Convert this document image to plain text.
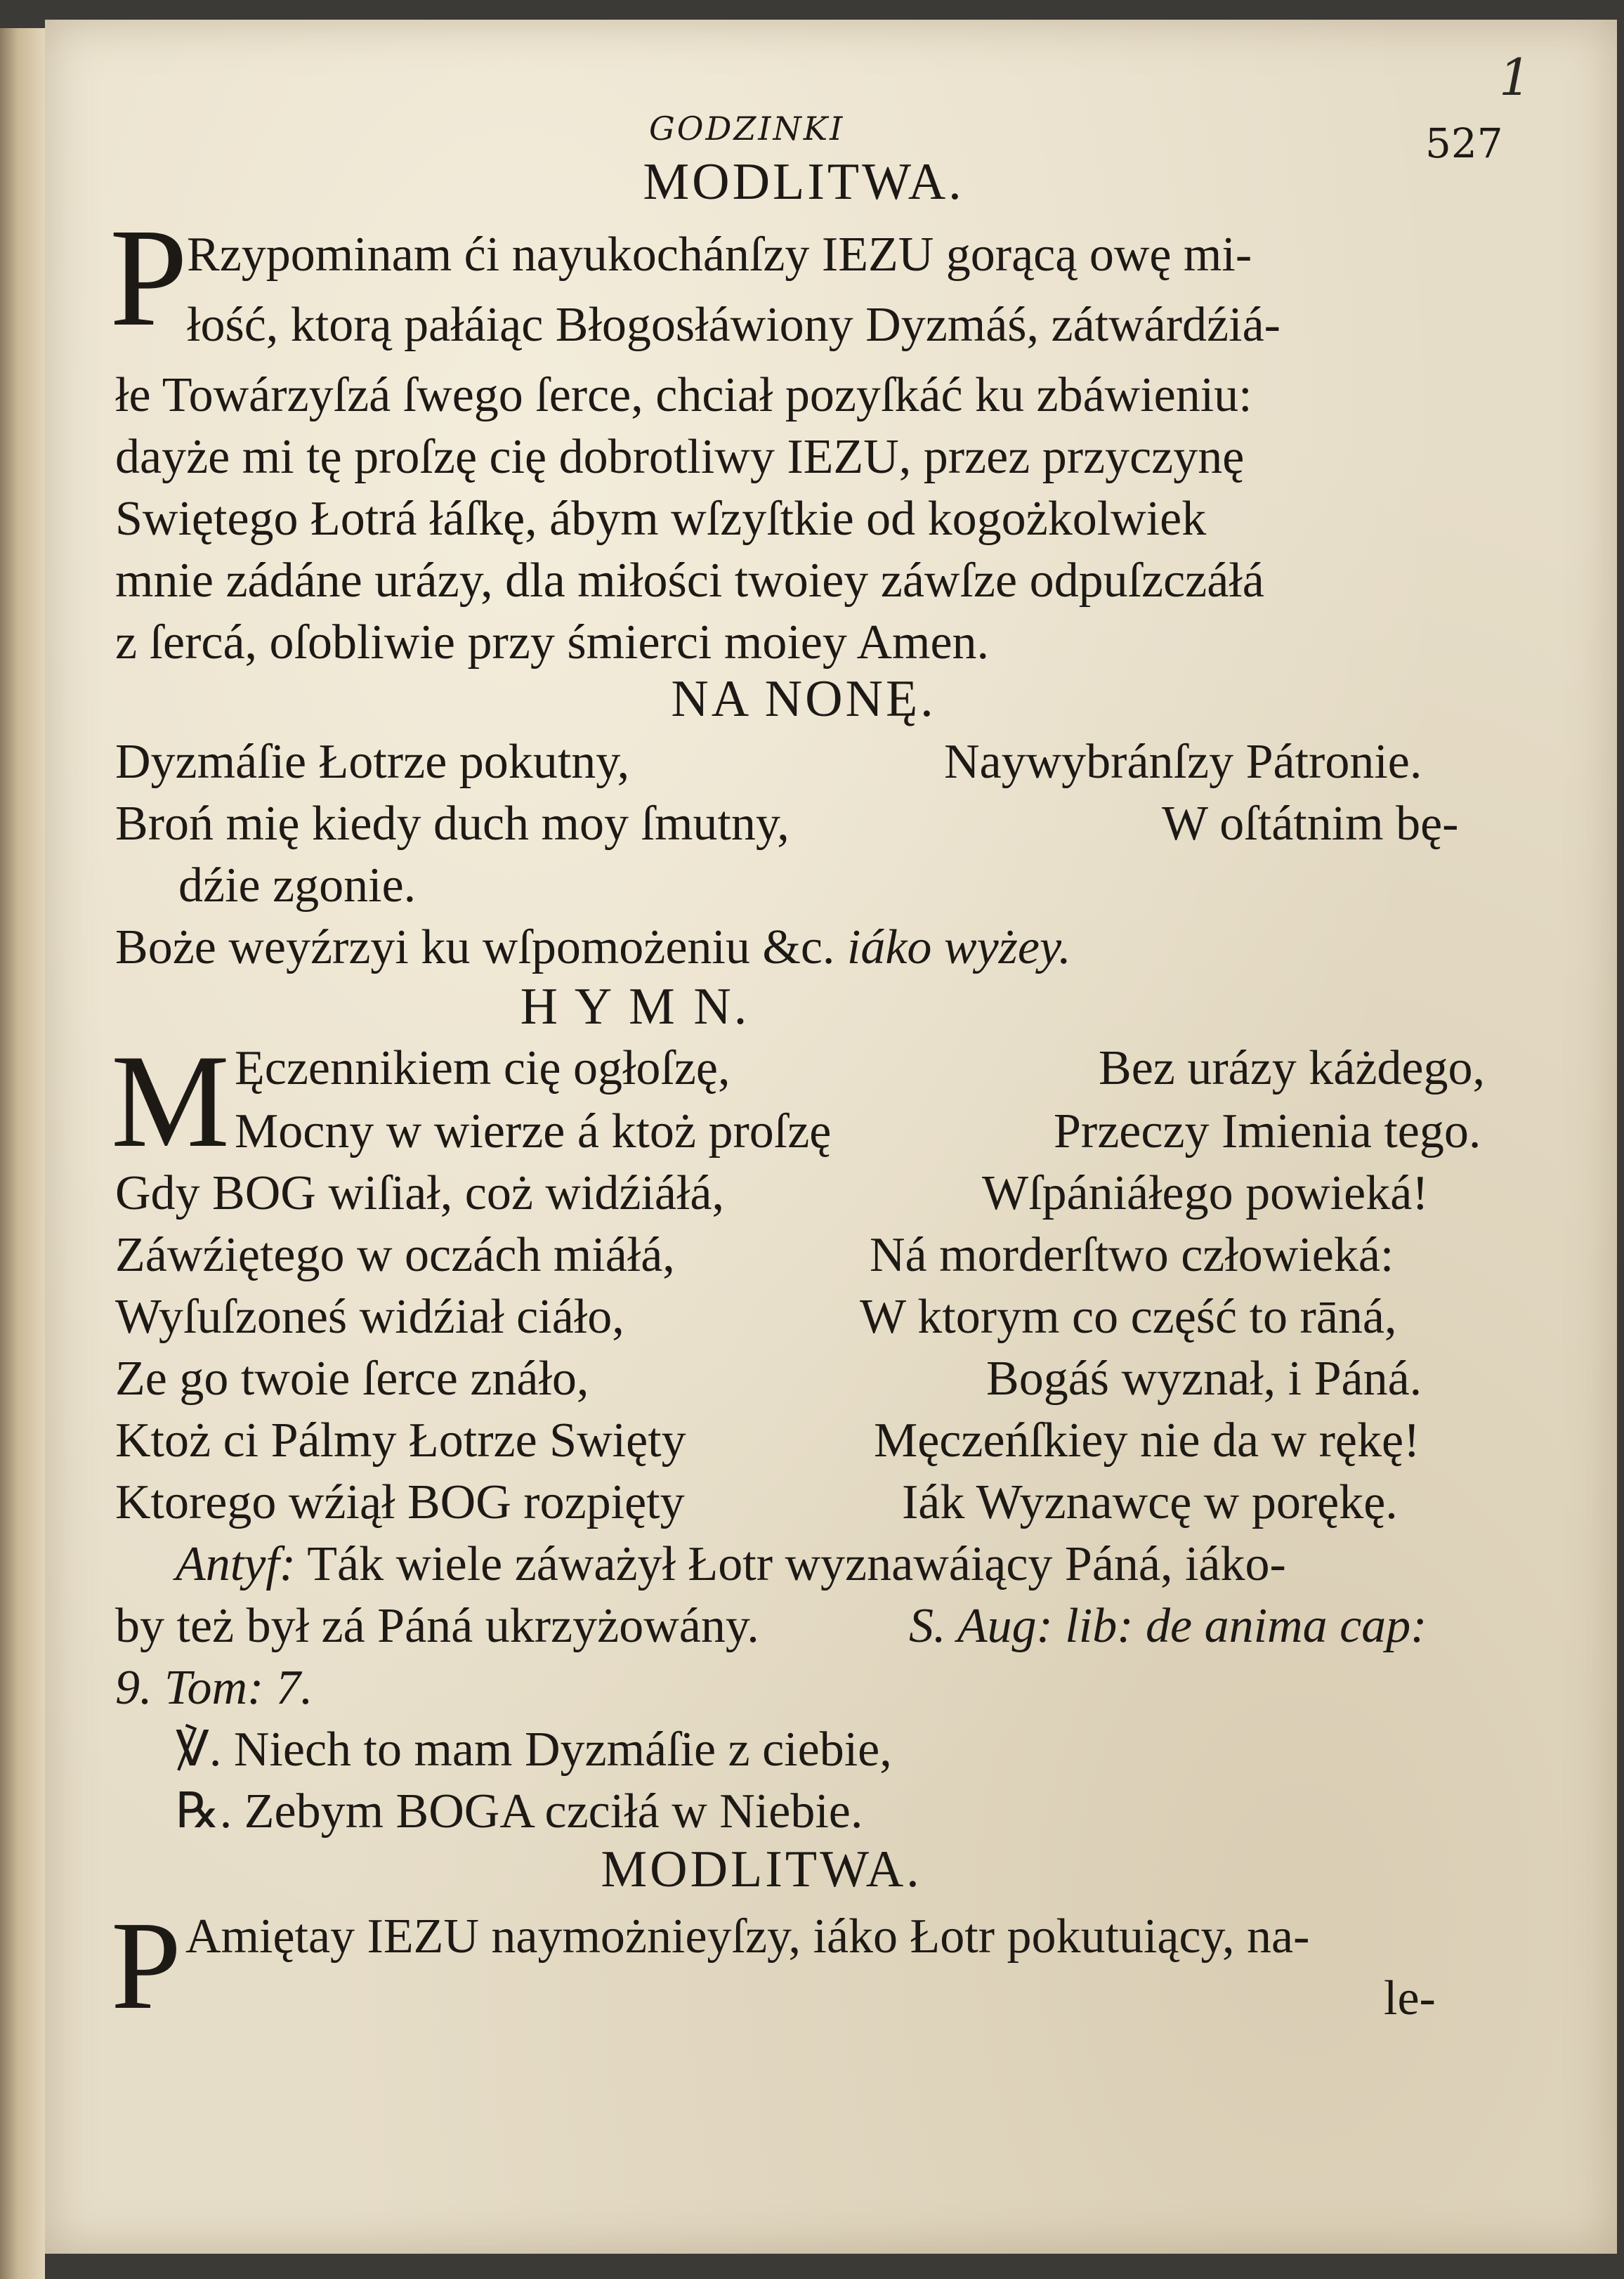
1
GODZINKI	527
MODLITWA.
P
Rzypominam ći nayukochánſzy IEZU gorącą owę mi-
łość, ktorą pałáiąc Błogosłáwiony Dyzmáś, zátwárdźiá-
łe Towárzyſzá ſwego ſerce, chciał pozyſkáć ku zbáwieniu:
dayże mi tę proſzę cię dobrotliwy IEZU, przez przyczynę
Swiętego Łotrá łáſkę, ábym wſzyſtkie od kogożkolwiek
mnie zádáne urázy, dla miłości twoiey záwſze odpuſzczáłá
z ſercá, oſobliwie przy śmierci moiey Amen.
NA NONĘ.
Dyzmáſie Łotrze pokutny,	Naywybránſzy Pátronie.
Broń mię kiedy duch moy ſmutny,	W oſtátnim bę-
dźie zgonie.
Boże weyźrzyi ku wſpomożeniu &c. iáko wyżey.
H Y M N.
M Ęczennikiem cię ogłoſzę,	Bez urázy káżdego,
Mocny w wierze á ktoż proſzę	Przeczy Imienia tego.
Gdy BOG wiſiał, coż widźiáłá,	Wſpániáłego powieká!
Záwźiętego w oczách miáłá,	Ná morderſtwo człowieká:
Wyſuſzoneś widźiał ciáło,	W ktorym co część to rāná,
Ze go twoie ſerce znáło,	Bogáś wyznał, i Páná.
Ktoż ci Pálmy Łotrze Swięty	Męczeńſkiey nie da w rękę!
Ktorego wźiął BOG rozpięty	Iák Wyznawcę w porękę.
Antyf: Ták wiele záważył Łotr wyznawáiący Páná, iáko-
by też był zá Páná ukrzyżowány.	S. Aug: lib: de anima cap:
9. Tom: 7.
℣. Niech to mam Dyzmáſie z ciebie,
℞. Zebym BOGA czciłá w Niebie.
MODLITWA.
P Amiętay IEZU naymożnieyſzy, iáko Łotr pokutuiący, na-
le-
